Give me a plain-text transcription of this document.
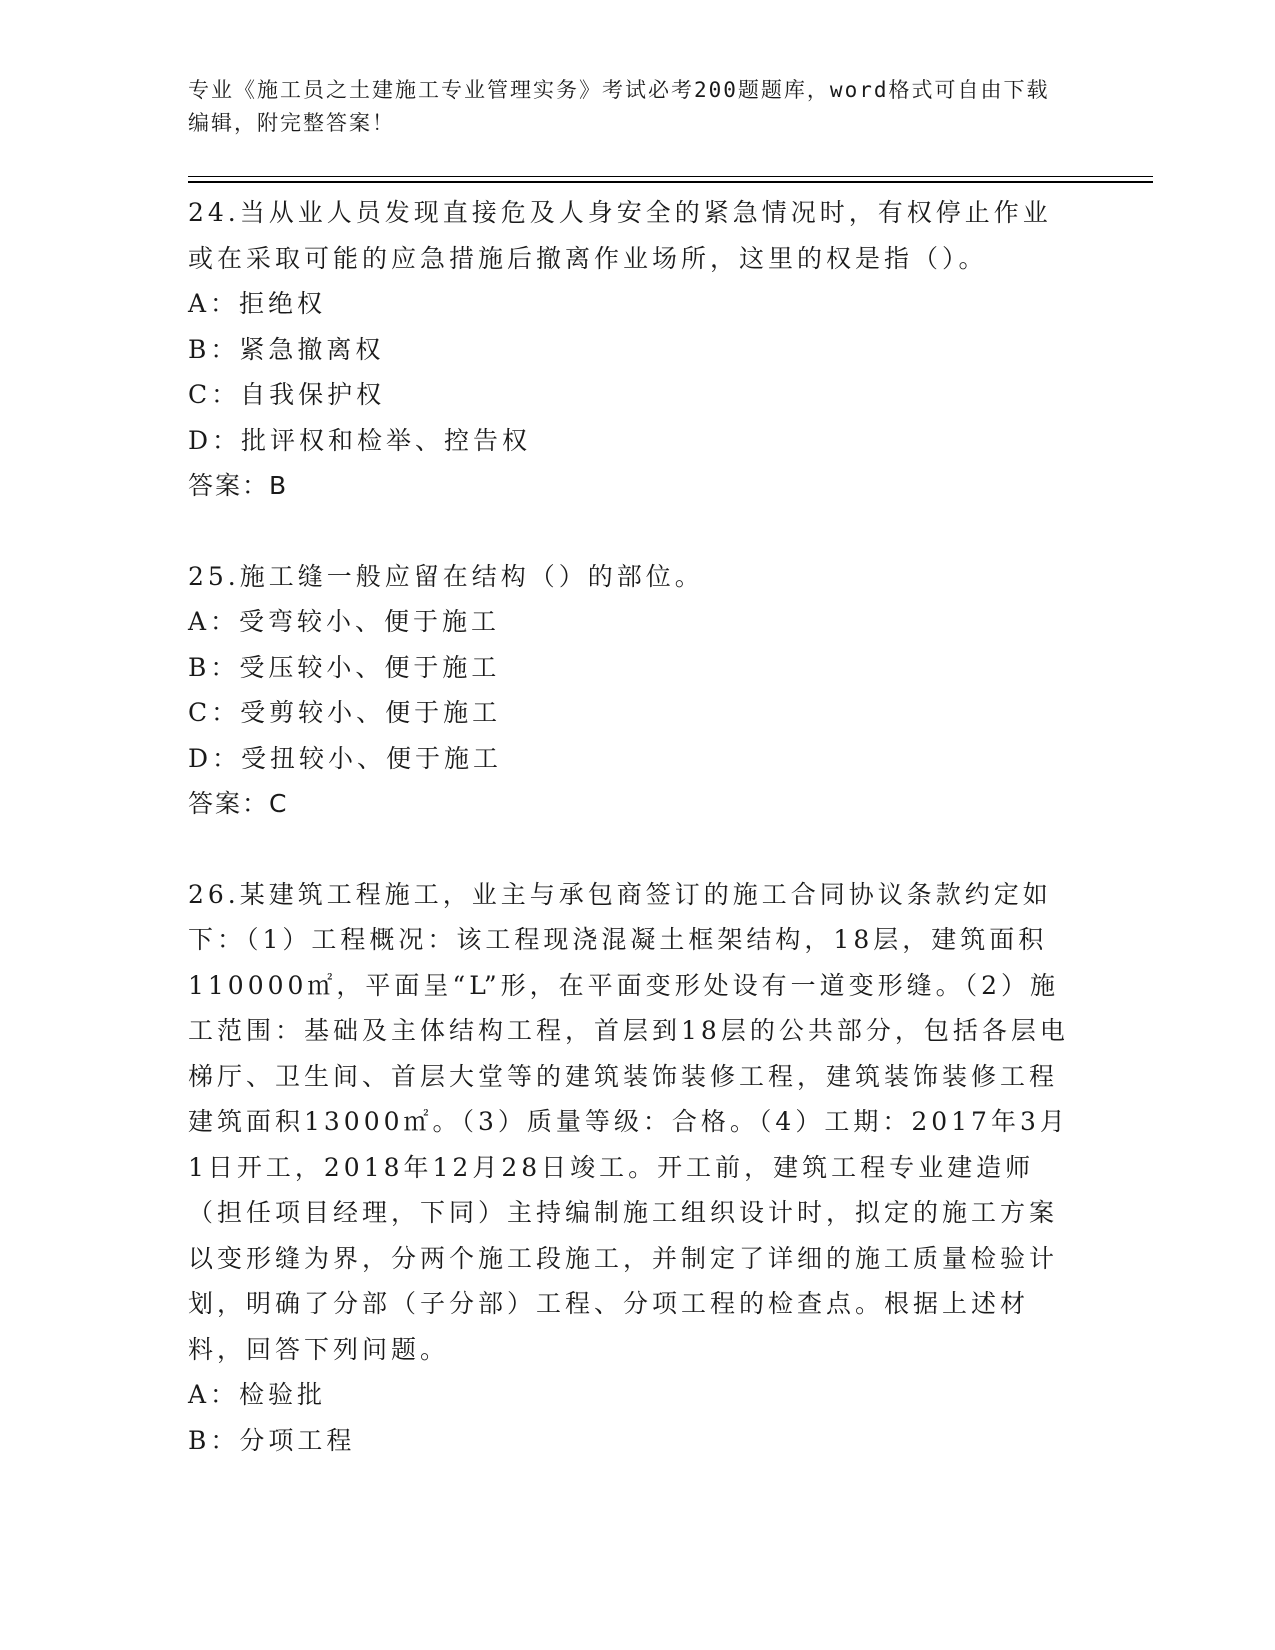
专业《施工员之土建施工专业管理实务》考试必考200题题库，word格式可自由下载编辑，附完整答案！

24.当从业人员发现直接危及人身安全的紧急情况时，有权停止作业或在采取可能的应急措施后撤离作业场所，这里的权是指（）。

A：拒绝权

B：紧急撤离权

C：自我保护权

D：批评权和检举、控告权

答案：B

25.施工缝一般应留在结构（）的部位。

A：受弯较小、便于施工

B：受压较小、便于施工

C：受剪较小、便于施工

D：受扭较小、便于施工

答案：C

26.某建筑工程施工，业主与承包商签订的施工合同协议条款约定如下：（1）工程概况：该工程现浇混凝土框架结构，18层，建筑面积110000㎡，平面呈“L”形，在平面变形处设有一道变形缝。（2）施工范围：基础及主体结构工程，首层到18层的公共部分，包括各层电梯厅、卫生间、首层大堂等的建筑装饰装修工程，建筑装饰装修工程建筑面积13000㎡。（3）质量等级：合格。（4）工期：2017年3月1日开工，2018年12月28日竣工。开工前，建筑工程专业建造师（担任项目经理，下同）主持编制施工组织设计时，拟定的施工方案以变形缝为界，分两个施工段施工，并制定了详细的施工质量检验计划，明确了分部（子分部）工程、分项工程的检查点。根据上述材料，回答下列问题。

A：检验批

B：分项工程
